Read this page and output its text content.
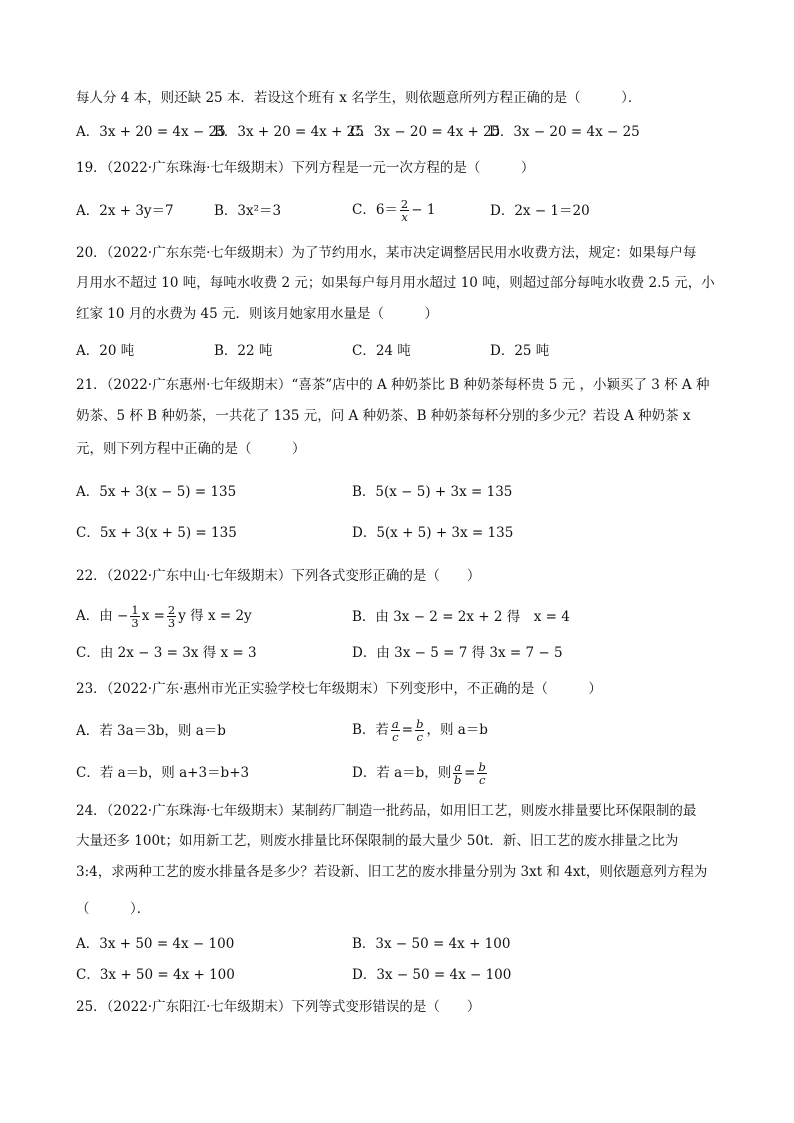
每人分 4 本，则还缺 25 本．若设这个班有 x 名学生，则依题意所列方程正确的是（　　　）．
A．3x + 20 = 4x − 25
B．3x + 20 = 4x + 25
C．3x − 20 = 4x + 25
D．3x − 20 = 4x − 25
19．（2022·广东珠海·七年级期末）下列方程是一元一次方程的是（　　　）
A．2x + 3y＝7	B．3x²＝3	C．$6= \frac{2}{x} - 1$	D．2x − 1＝20
20．（2022·广东东莞·七年级期末）为了节约用水，某市决定调整居民用水收费方法，规定：如果每户每
月用水不超过 10 吨，每吨水收费 2 元；如果每户每月用水超过 10 吨，则超过部分每吨水收费 2.5 元，小
红家 10 月的水费为 45 元．则该月她家用水量是（　　　）
A．20 吨	B．22 吨	C．24 吨	D．25 吨
21．（2022·广东惠州·七年级期末）“喜茶”店中的 A 种奶茶比 B 种奶茶每杯贵 5 元 ，小颖买了 3 杯 A 种
奶茶、5 杯 B 种奶茶，一共花了 135 元，问 A 种奶茶、B 种奶茶每杯分别的多少元？若设 A 种奶茶 x
元，则下列方程中正确的是（　　　）
A．5x + 3(x − 5) = 135	B．5(x − 5) + 3x = 135
C．5x + 3(x + 5) = 135	D．5(x + 5) + 3x = 135
22．（2022·广东中山·七年级期末）下列各式变形正确的是（　　）
A．由 − $\frac{1}{3}$ $x = \frac{2}{3}$ y 得 x = 2y	B．由 3x − 2 = 2x + 2 得　x = 4
C．由 2x − 3 = 3x 得 x = 3	D．由 3x − 5 = 7 得 3x = 7 − 5
23．（2022·广东·惠州市光正实验学校七年级期末）下列变形中，不正确的是（　　　）
A．若 3a＝3b，则 a＝b	B．若 $\frac{a}{c} = \frac{b}{c}$ ，则 a＝b
C．若 a＝b，则 a+3＝b+3	D．若 a＝b，则 $\frac{a}{b} = \frac{b}{c}$
24．（2022·广东珠海·七年级期末）某制药厂制造一批药品，如用旧工艺，则废水排量要比环保限制的最
大量还多 100t；如用新工艺，则废水排量比环保限制的最大量少 50t．新、旧工艺的废水排量之比为
3:4，求两种工艺的废水排量各是多少？若设新、旧工艺的废水排量分别为 3xt 和 4xt，则依题意列方程为
（　　　）．
A．3x + 50 = 4x − 100	B．3x − 50 = 4x + 100
C．3x + 50 = 4x + 100	D．3x − 50 = 4x − 100
25．（2022·广东阳江·七年级期末）下列等式变形错误的是（　　）
